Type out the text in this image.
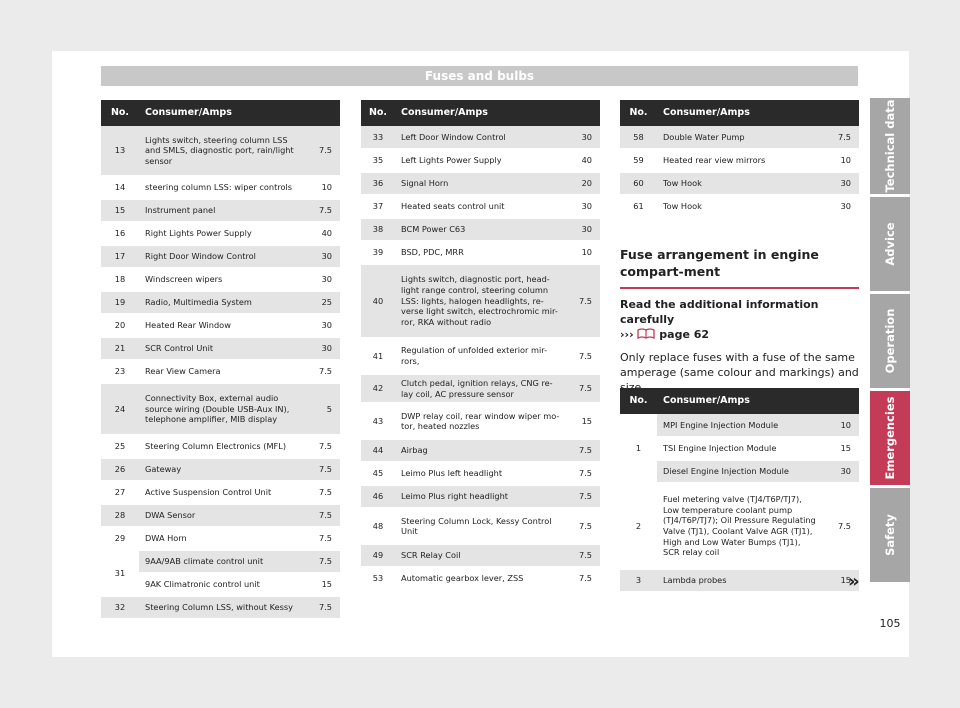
Fuses and bulbs
No.	Consumer/Amps	
13	Lights switch, steering column LSS and SMLS, diagnostic port, rain/light sensor	7.5
14	steering column LSS: wiper controls	10
15	Instrument panel	7.5
16	Right Lights Power Supply	40
17	Right Door Window Control	30
18	Windscreen wipers	30
19	Radio, Multimedia System	25
20	Heated Rear Window	30
21	SCR Control Unit	30
23	Rear View Camera	7.5
24	Connectivity Box, external audio source wiring (Double USB-Aux IN), telephone amplifier, MIB display	5
25	Steering Column Electronics (MFL)	7.5
26	Gateway	7.5
27	Active Suspension Control Unit	7.5
28	DWA Sensor	7.5
29	DWA Horn	7.5
31	9AA/9AB climate control unit	7.5
	9AK Climatronic control unit	15
32	Steering Column LSS, without Kessy	7.5
No.	Consumer/Amps	
33	Left Door Window Control	30
35	Left Lights Power Supply	40
36	Signal Horn	20
37	Heated seats control unit	30
38	BCM Power C63	30
39	BSD, PDC, MRR	10
40	Lights switch, diagnostic port, head-light range control, steering column LSS: lights, halogen headlights, re-verse light switch, electrochromic mir-ror, RKA without radio	7.5
41	Regulation of unfolded exterior mir-rors,	7.5
42	Clutch pedal, ignition relays, CNG re-lay coil, AC pressure sensor	7.5
43	DWP relay coil, rear window wiper mo-tor, heated nozzles	15
44	Airbag	7.5
45	Leimo Plus left headlight	7.5
46	Leimo Plus right headlight	7.5
48	Steering Column Lock, Kessy Control Unit	7.5
49	SCR Relay Coil	7.5
53	Automatic gearbox lever, ZSS	7.5
No.	Consumer/Amps	
58	Double Water Pump	7.5
59	Heated rear view mirrors	10
60	Tow Hook	30
61	Tow Hook	30
Fuse arrangement in engine compart-ment

Read the additional information carefully
››› page 62

Only replace fuses with a fuse of the same amperage (same colour and markings) and

No.	Consumer/Amps	
1	MPI Engine Injection Module	10
	TSI Engine Injection Module	15
	Diesel Engine Injection Module	30
2	Fuel metering valve (TJ4/T6P/TJ7), Low temperature coolant pump (TJ4/T6P/TJ7); Oil Pressure Regulating Valve (TJ1), Coolant Valve AGR (TJ1), High and Low Water Bumps (TJ1), SCR relay coil	7.5
3	Lambda probes	15
Technical data
Advice
Operation
Emergencies
Safety
»
105
